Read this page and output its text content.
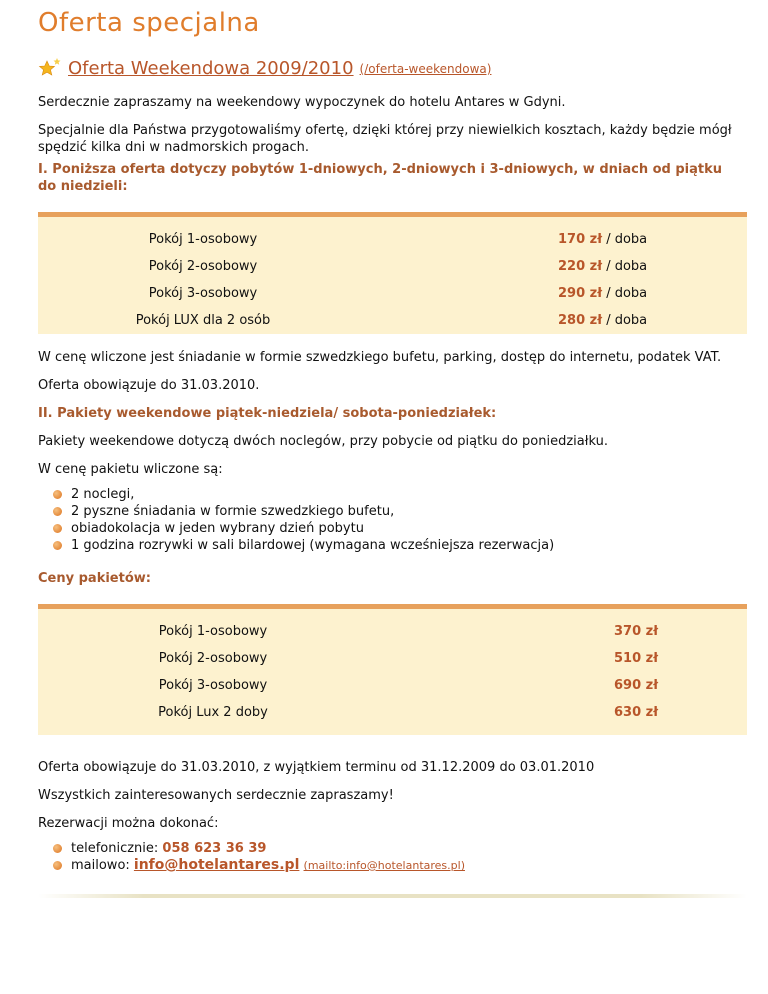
Oferta specjalna
Oferta Weekendowa 2009/2010 (/oferta-weekendowa)

Serdecznie zapraszamy na weekendowy wypoczynek do hotelu Antares w Gdyni.

Specjalnie dla Państwa przygotowaliśmy ofertę, dzięki której przy niewielkich kosztach, każdy będzie mógł spędzić kilka dni w nadmorskich progach.

I. Poniższa oferta dotyczy pobytów 1-dniowych, 2-dniowych i 3-dniowych, w dniach od piątku do niedzieli:

Pokój 1-osobowy	170 zł / doba
Pokój 2-osobowy	220 zł / doba
Pokój 3-osobowy	290 zł / doba
Pokój LUX dla 2 osób	280 zł / doba

W cenę wliczone jest śniadanie w formie szwedzkiego bufetu, parking, dostęp do internetu, podatek VAT.

Oferta obowiązuje do 31.03.2010.

II. Pakiety weekendowe piątek-niedziela/ sobota-poniedziałek:

Pakiety weekendowe dotyczą dwóch noclegów, przy pobycie od piątku do poniedziałku.

W cenę pakietu wliczone są:

2 noclegi,
2 pyszne śniadania w formie szwedzkiego bufetu,
obiadokolacja w jeden wybrany dzień pobytu
1 godzina rozrywki w sali bilardowej (wymagana wcześniejsza rezerwacja)

Ceny pakietów:

Pokój 1-osobowy	370 zł
Pokój 2-osobowy	510 zł
Pokój 3-osobowy	690 zł
Pokój Lux 2 doby	630 zł

Oferta obowiązuje do 31.03.2010, z wyjątkiem terminu od 31.12.2009 do 03.01.2010

Wszystkich zainteresowanych serdecznie zapraszamy!

Rezerwacji można dokonać:

telefonicznie: 058 623 36 39
mailowo: info@hotelantares.pl (mailto:info@hotelantares.pl)
